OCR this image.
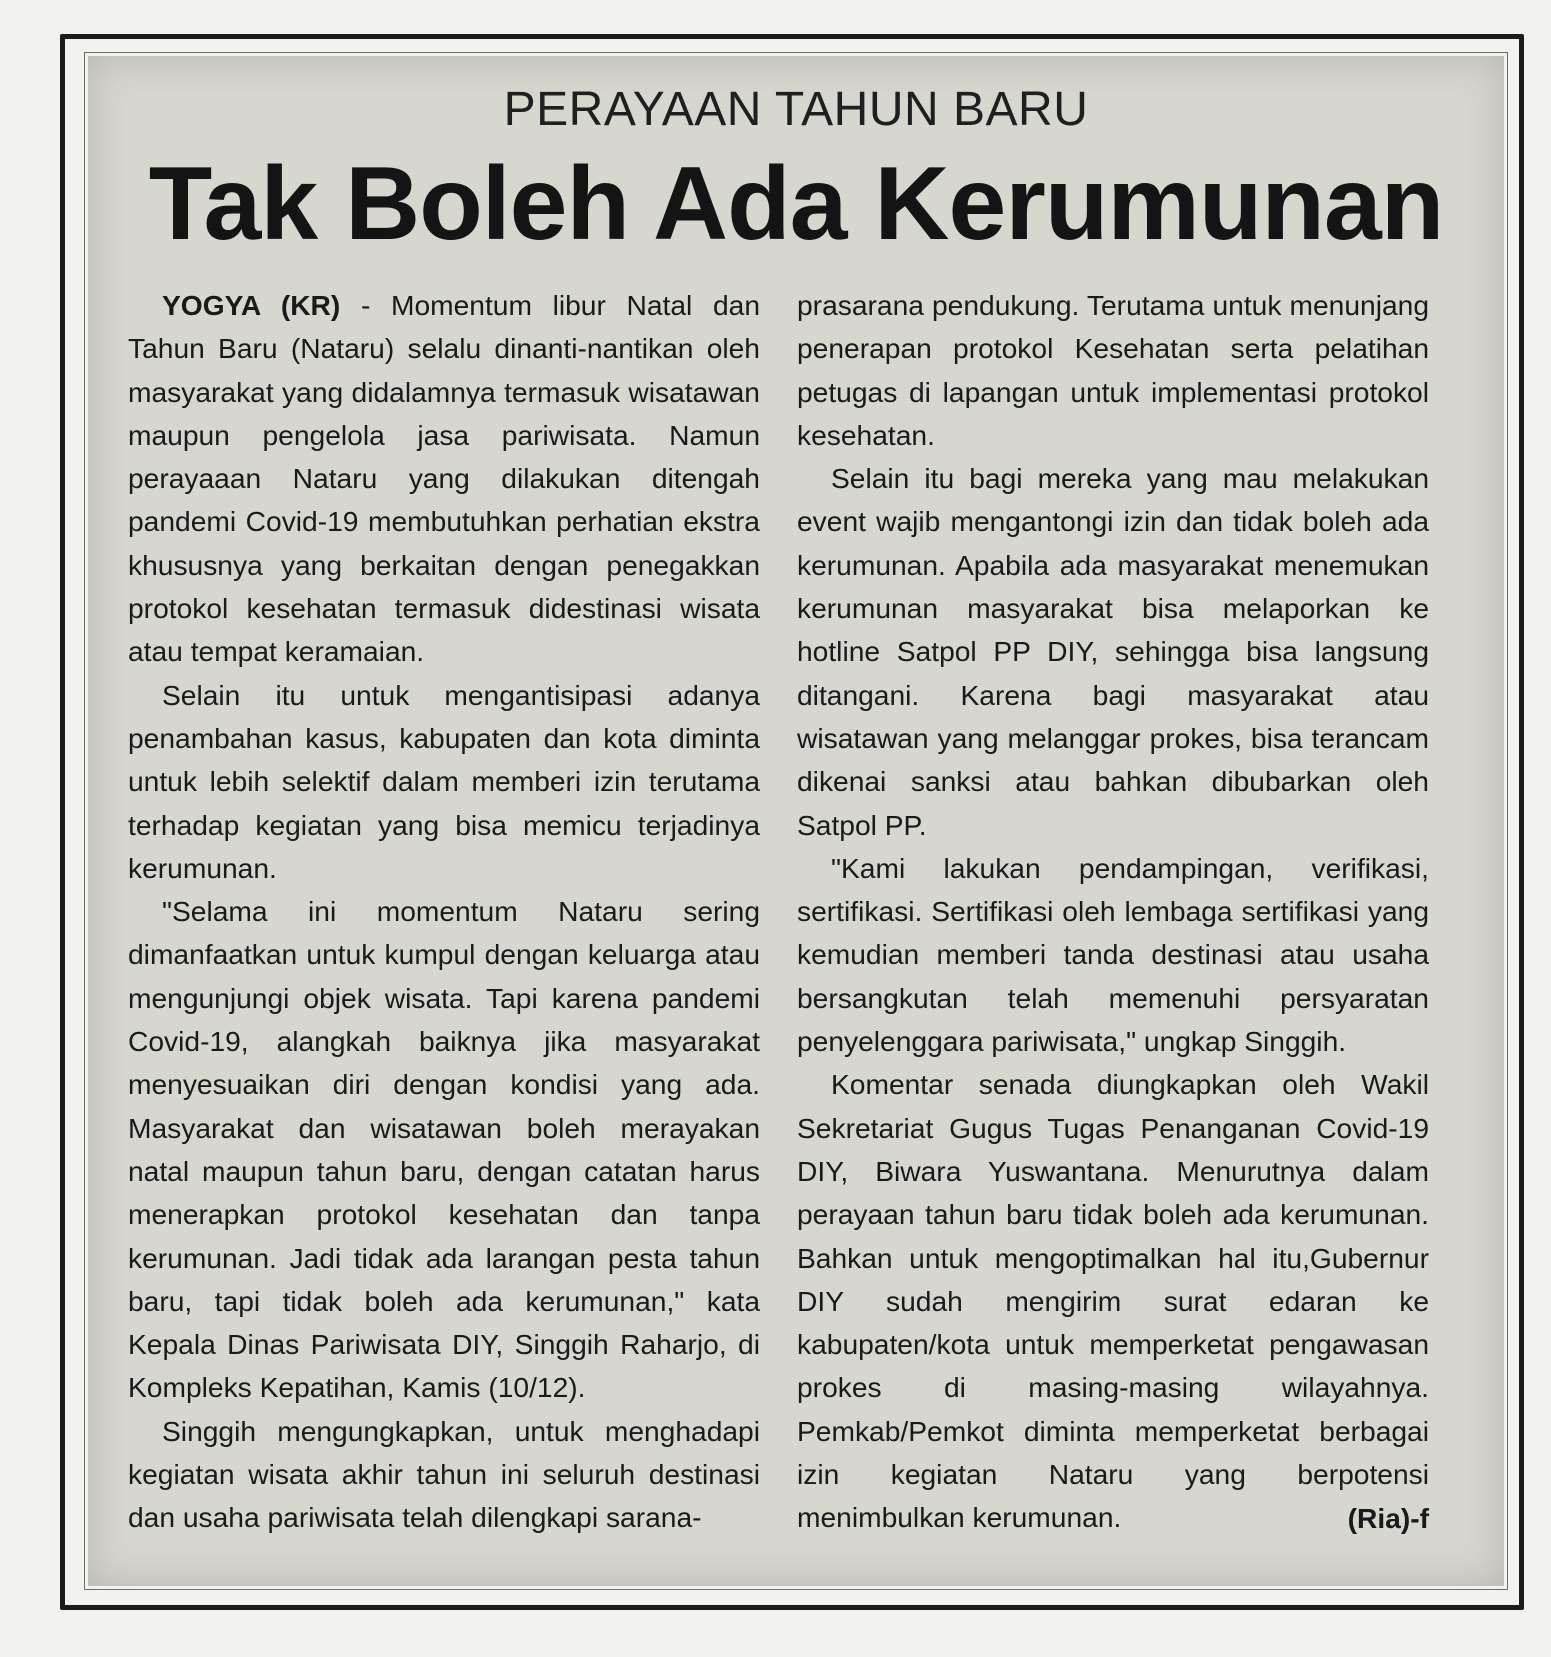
PERAYAAN TAHUN BARU
Tak Boleh Ada Kerumunan

YOGYA (KR) - Momentum libur Natal dan Tahun Baru (Nataru) selalu dinanti-nantikan oleh masyarakat yang didalamnya termasuk wisatawan maupun pengelola jasa pariwisata. Namun perayaaan Nataru yang dilakukan ditengah pandemi Covid-19 membutuhkan perhatian ekstra khususnya yang berkaitan dengan penegakkan protokol kesehatan termasuk didestinasi wisata atau tempat keramaian.

Selain itu untuk mengantisipasi adanya penambahan kasus, kabupaten dan kota diminta untuk lebih selektif dalam memberi izin terutama terhadap kegiatan yang bisa memicu terjadinya kerumunan.

"Selama ini momentum Nataru sering dimanfaatkan untuk kumpul dengan keluarga atau mengunjungi objek wisata. Tapi karena pandemi Covid-19, alangkah baiknya jika masyarakat menyesuaikan diri dengan kondisi yang ada. Masyarakat dan wisatawan boleh merayakan natal maupun tahun baru, dengan catatan harus menerapkan protokol kesehatan dan tanpa kerumunan. Jadi tidak ada larangan pesta tahun baru, tapi tidak boleh ada kerumunan," kata Kepala Dinas Pariwisata DIY, Singgih Raharjo, di Kompleks Kepatihan, Kamis (10/12).

Singgih mengungkapkan, untuk menghadapi kegiatan wisata akhir tahun ini seluruh destinasi dan usaha pariwisata telah dilengkapi sarana-

prasarana pendukung. Terutama untuk menunjang penerapan protokol Kesehatan serta pelatihan petugas di lapangan untuk implementasi protokol kesehatan.

Selain itu bagi mereka yang mau melakukan event wajib mengantongi izin dan tidak boleh ada kerumunan. Apabila ada masyarakat menemukan kerumunan masyarakat bisa melaporkan ke hotline Satpol PP DIY, sehingga bisa langsung ditangani. Karena bagi masyarakat atau wisatawan yang melanggar prokes, bisa terancam dikenai sanksi atau bahkan dibubarkan oleh Satpol PP.

"Kami lakukan pendampingan, verifikasi, sertifikasi. Sertifikasi oleh lembaga sertifikasi yang kemudian memberi tanda destinasi atau usaha bersangkutan telah memenuhi persyaratan penyelenggara pariwisata," ungkap Singgih.

Komentar senada diungkapkan oleh Wakil Sekretariat Gugus Tugas Penanganan Covid-19 DIY, Biwara Yuswantana. Menurutnya dalam perayaan tahun baru tidak boleh ada kerumunan. Bahkan untuk mengoptimalkan hal itu,Gubernur DIY sudah mengirim surat edaran ke kabupaten/kota untuk memperketat pengawasan prokes di masing-masing wilayahnya. Pemkab/Pemkot diminta memperketat berbagai izin kegiatan Nataru yang berpotensi menimbulkan kerumunan.	(Ria)-f
